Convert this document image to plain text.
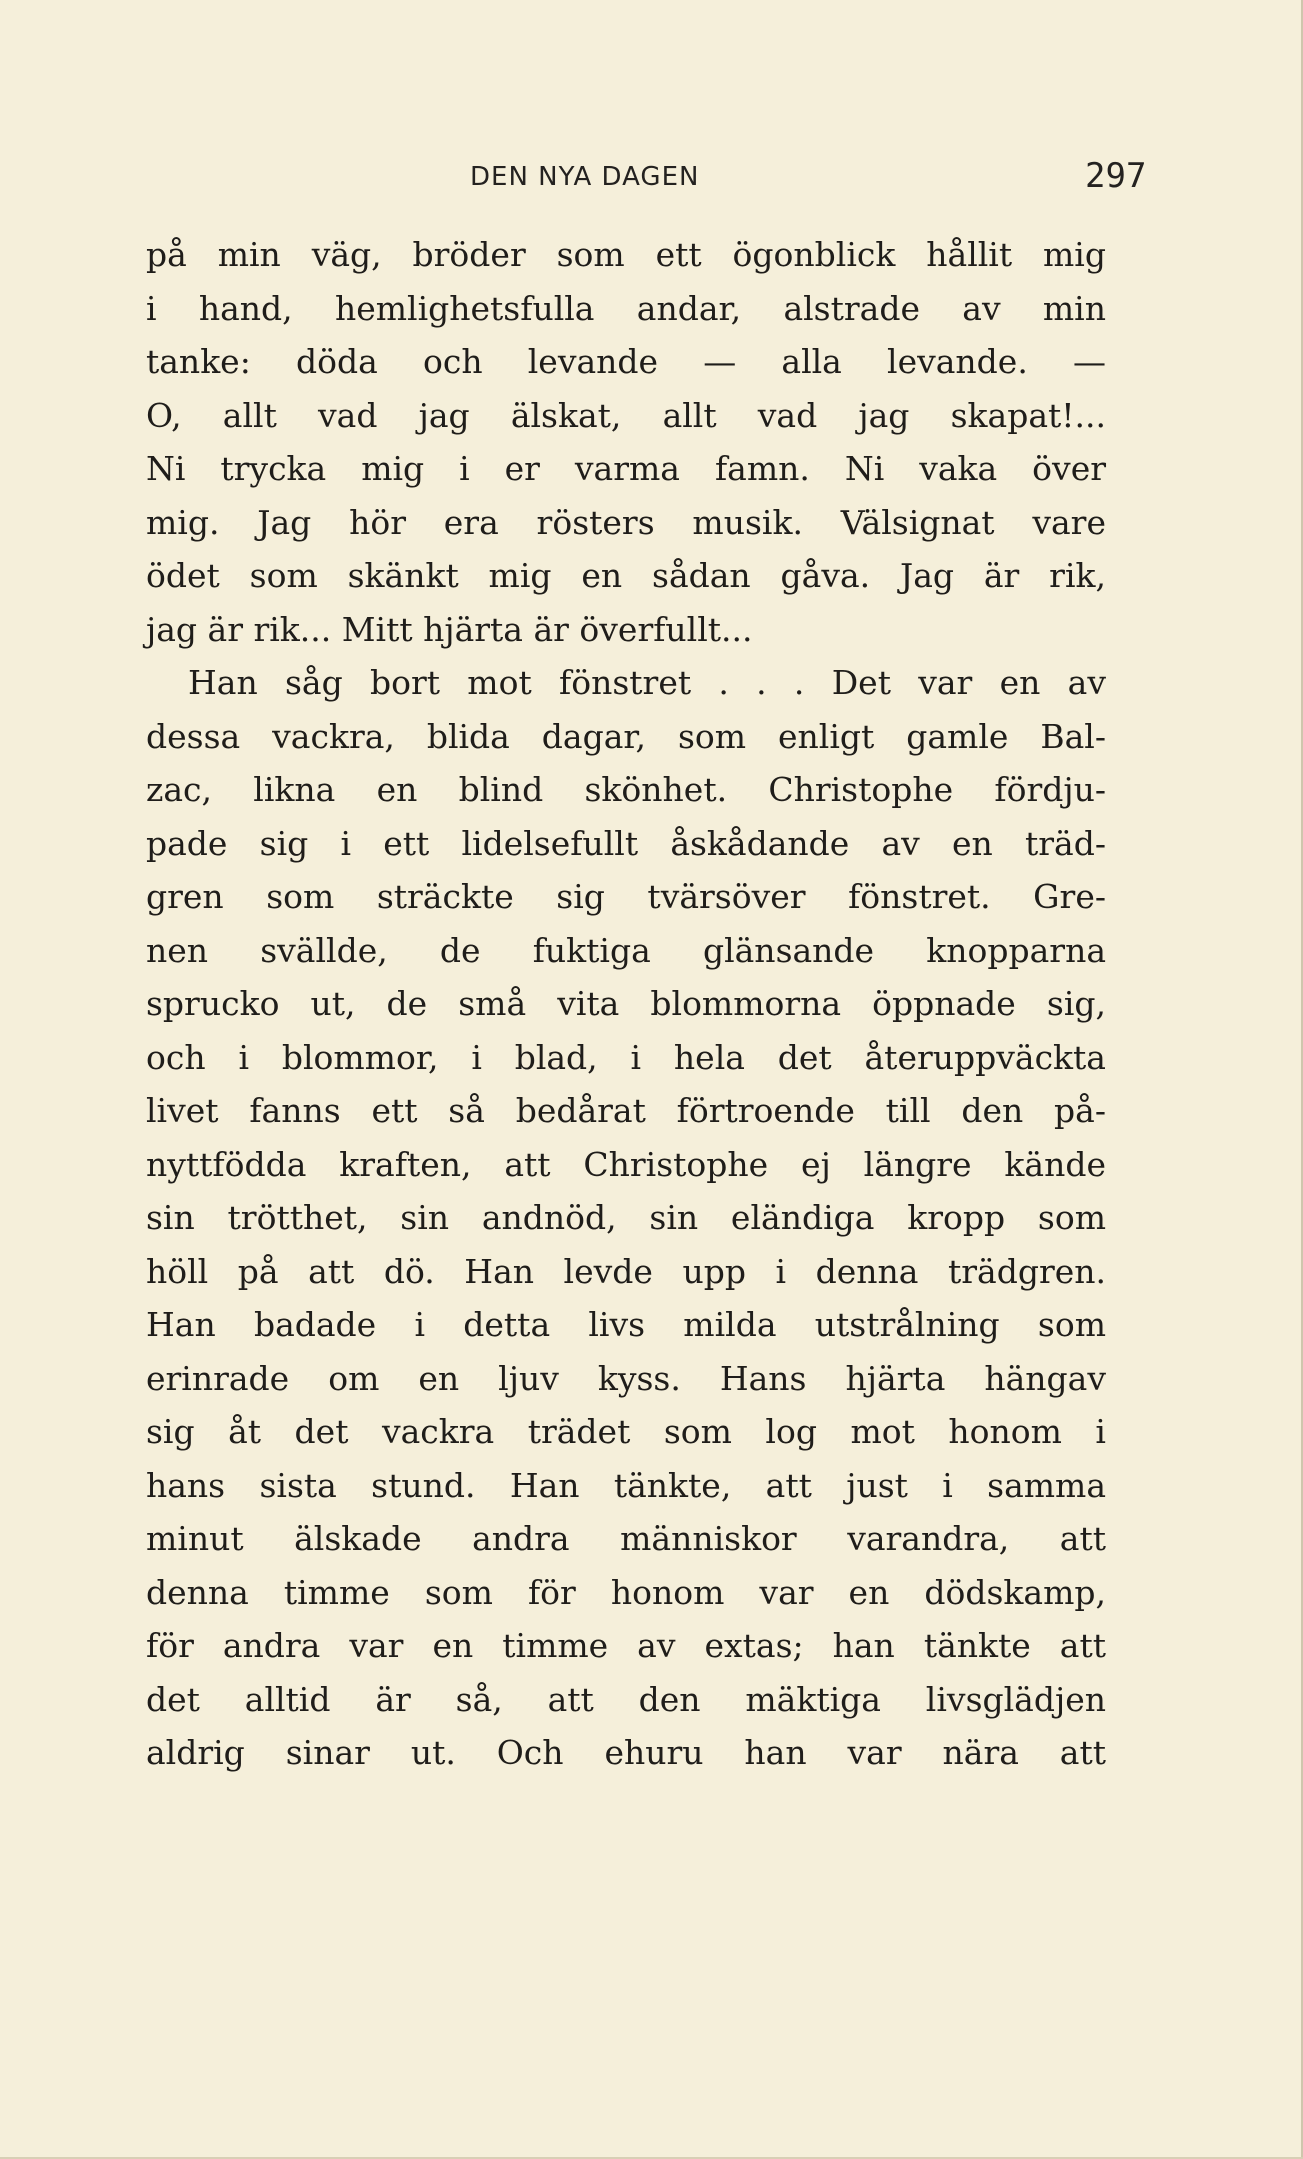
DEN NYA DAGEN	297
på min väg, bröder som ett ögonblick hållit mig
i hand, hemlighetsfulla andar, alstrade av min
tanke: döda och levande — alla levande. —
O, allt vad jag älskat, allt vad jag skapat!...
Ni trycka mig i er varma famn. Ni vaka över
mig. Jag hör era rösters musik. Välsignat vare
ödet som skänkt mig en sådan gåva. Jag är rik,
jag är rik... Mitt hjärta är överfullt...
Han såg bort mot fönstret . . . Det var en av
dessa vackra, blida dagar, som enligt gamle Bal-
zac, likna en blind skönhet. Christophe fördju-
pade sig i ett lidelsefullt åskådande av en träd-
gren som sträckte sig tvärsöver fönstret. Gre-
nen svällde, de fuktiga glänsande knopparna
sprucko ut, de små vita blommorna öppnade sig,
och i blommor, i blad, i hela det återuppväckta
livet fanns ett så bedårat förtroende till den på-
nyttfödda kraften, att Christophe ej längre kände
sin trötthet, sin andnöd, sin eländiga kropp som
höll på att dö. Han levde upp i denna trädgren.
Han badade i detta livs milda utstrålning som
erinrade om en ljuv kyss. Hans hjärta hängav
sig åt det vackra trädet som log mot honom i
hans sista stund. Han tänkte, att just i samma
minut älskade andra människor varandra, att
denna timme som för honom var en dödskamp,
för andra var en timme av extas; han tänkte att
det alltid är så, att den mäktiga livsglädjen
aldrig sinar ut. Och ehuru han var nära att
